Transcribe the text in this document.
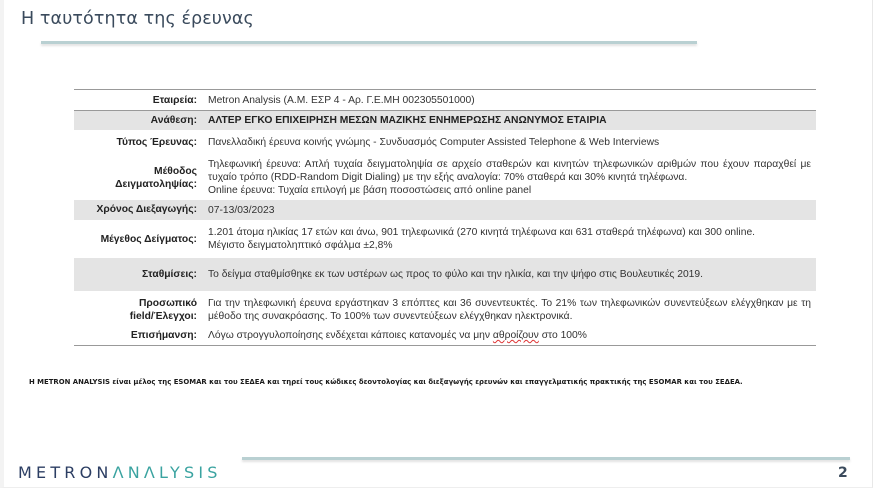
Η ταυτότητα της έρευνας
Εταιρεία:	Metron Analysis (Α.Μ. ΕΣΡ 4 - Αρ. Γ.Ε.ΜΗ 002305501000)
Ανάθεση:	ΑΛΤΕΡ ΕΓΚΟ ΕΠΙΧΕΙΡΗΣΗ ΜΕΣΩΝ ΜΑΖΙΚΗΣ ΕΝΗΜΕΡΩΣΗΣ ΑΝΩΝΥΜΟΣ ΕΤΑΙΡΙΑ
Τύπος Έρευνας:	Πανελλαδική έρευνα κοινής γνώμης - Συνδυασμός Computer Assisted Telephone & Web Interviews

Μέθοδος
Δειγματοληψίας:	Τηλεφωνική έρευνα: Απλή τυχαία δειγματοληψία σε αρχείο σταθερών και κινητών τηλεφωνικών αριθμών που έχουν παραχθεί με τυχαίο τρόπο (RDD-Random Digit Dialing) με την εξής αναλογία: 70% σταθερά και 30% κινητά τηλέφωνα.
Online έρευνα: Τυχαία επιλογή με βάση ποσοστώσεις από online panel

Χρόνος Διεξαγωγής:	07-13/03/2023
Μέγεθος Δείγματος:	1.201 άτομα ηλικίας 17 ετών και άνω, 901 τηλεφωνικά (270 κινητά τηλέφωνα και 631 σταθερά τηλέφωνα) και 300 online.
Μέγιστο δειγματοληπτικό σφάλμα ±2,8%

Σταθμίσεις:	Το δείγμα σταθμίσθηκε εκ των υστέρων ως προς το φύλο και την ηλικία, και την ψήφο στις Βουλευτικές 2019.

Προσωπικό
field/Έλεγχοι:	Για την τηλεφωνική έρευνα εργάστηκαν 3 επόπτες και 36 συνεντευκτές. Το 21% των τηλεφωνικών συνεντεύξεων ελέγχθηκαν με τη μέθοδο της συνακρόασης. Το 100% των συνεντεύξεων ελέγχθηκαν ηλεκτρονικά.
Επισήμανση:	Λόγω στρογγυλοποίησης ενδέχεται κάποιες κατανομές να μην αθροίζουν στο 100%
Η METRON ANALYSIS είναι μέλος της ESOMAR και του ΣΕΔΕΑ και τηρεί τους κώδικες δεοντολογίας και διεξαγωγής ερευνών και επαγγελματικής πρακτικής της ESOMAR και του ΣΕΔΕΑ.
METRONΛNΛLYSIS	2
